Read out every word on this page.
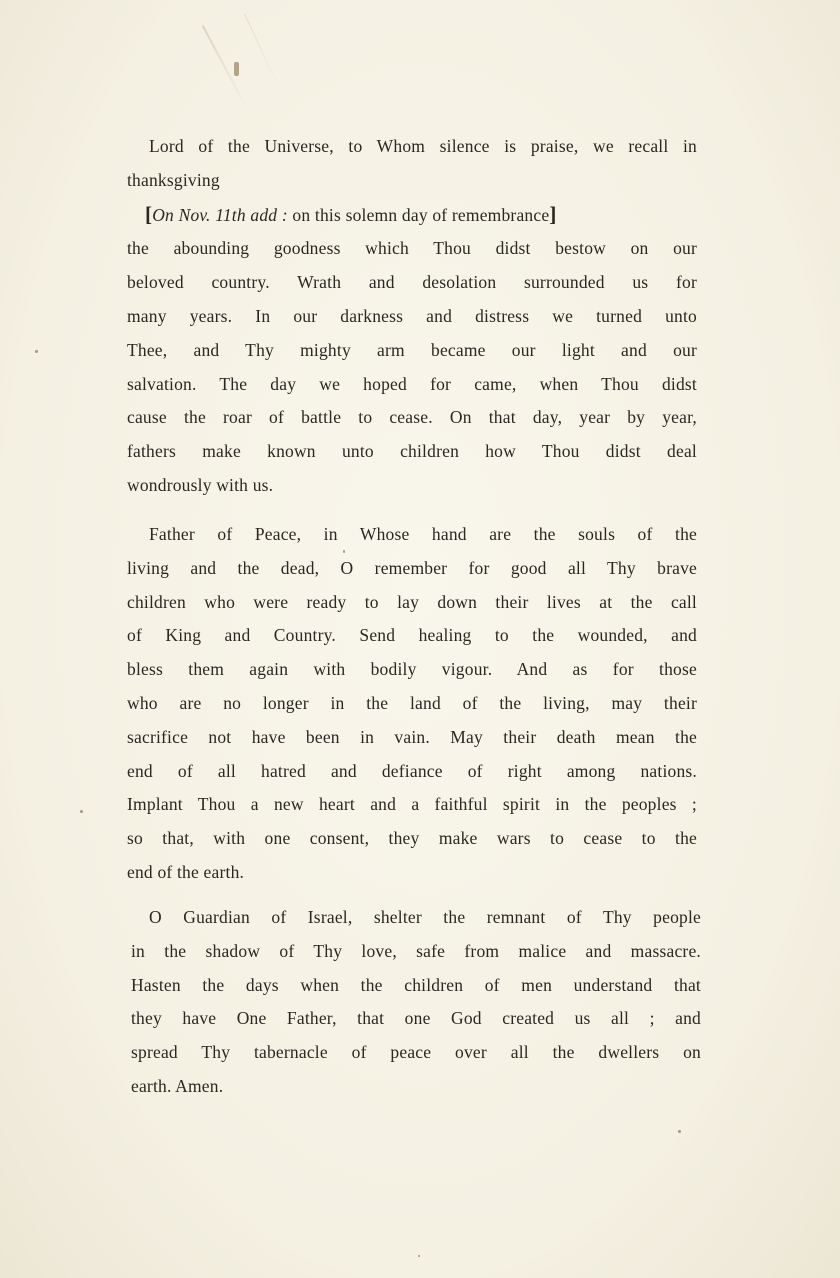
Lord of the Universe, to Whom silence is praise, we recall in
thanksgiving
[On Nov. 11th add : on this solemn day of remembrance]
the abounding goodness which Thou didst bestow on our
beloved country. Wrath and desolation surrounded us for
many years. In our darkness and distress we turned unto
Thee, and Thy mighty arm became our light and our
salvation. The day we hoped for came, when Thou didst
cause the roar of battle to cease. On that day, year by year,
fathers make known unto children how Thou didst deal
wondrously with us.
Father of Peace, in Whose hand are the souls of the
living and the dead, O remember for good all Thy brave
children who were ready to lay down their lives at the call
of King and Country. Send healing to the wounded, and
bless them again with bodily vigour. And as for those
who are no longer in the land of the living, may their
sacrifice not have been in vain. May their death mean the
end of all hatred and defiance of right among nations.
Implant Thou a new heart and a faithful spirit in the peoples ;
so that, with one consent, they make wars to cease to the
end of the earth.
O Guardian of Israel, shelter the remnant of Thy people
in the shadow of Thy love, safe from malice and massacre.
Hasten the days when the children of men understand that
they have One Father, that one God created us all ; and
spread Thy tabernacle of peace over all the dwellers on
earth. Amen.
